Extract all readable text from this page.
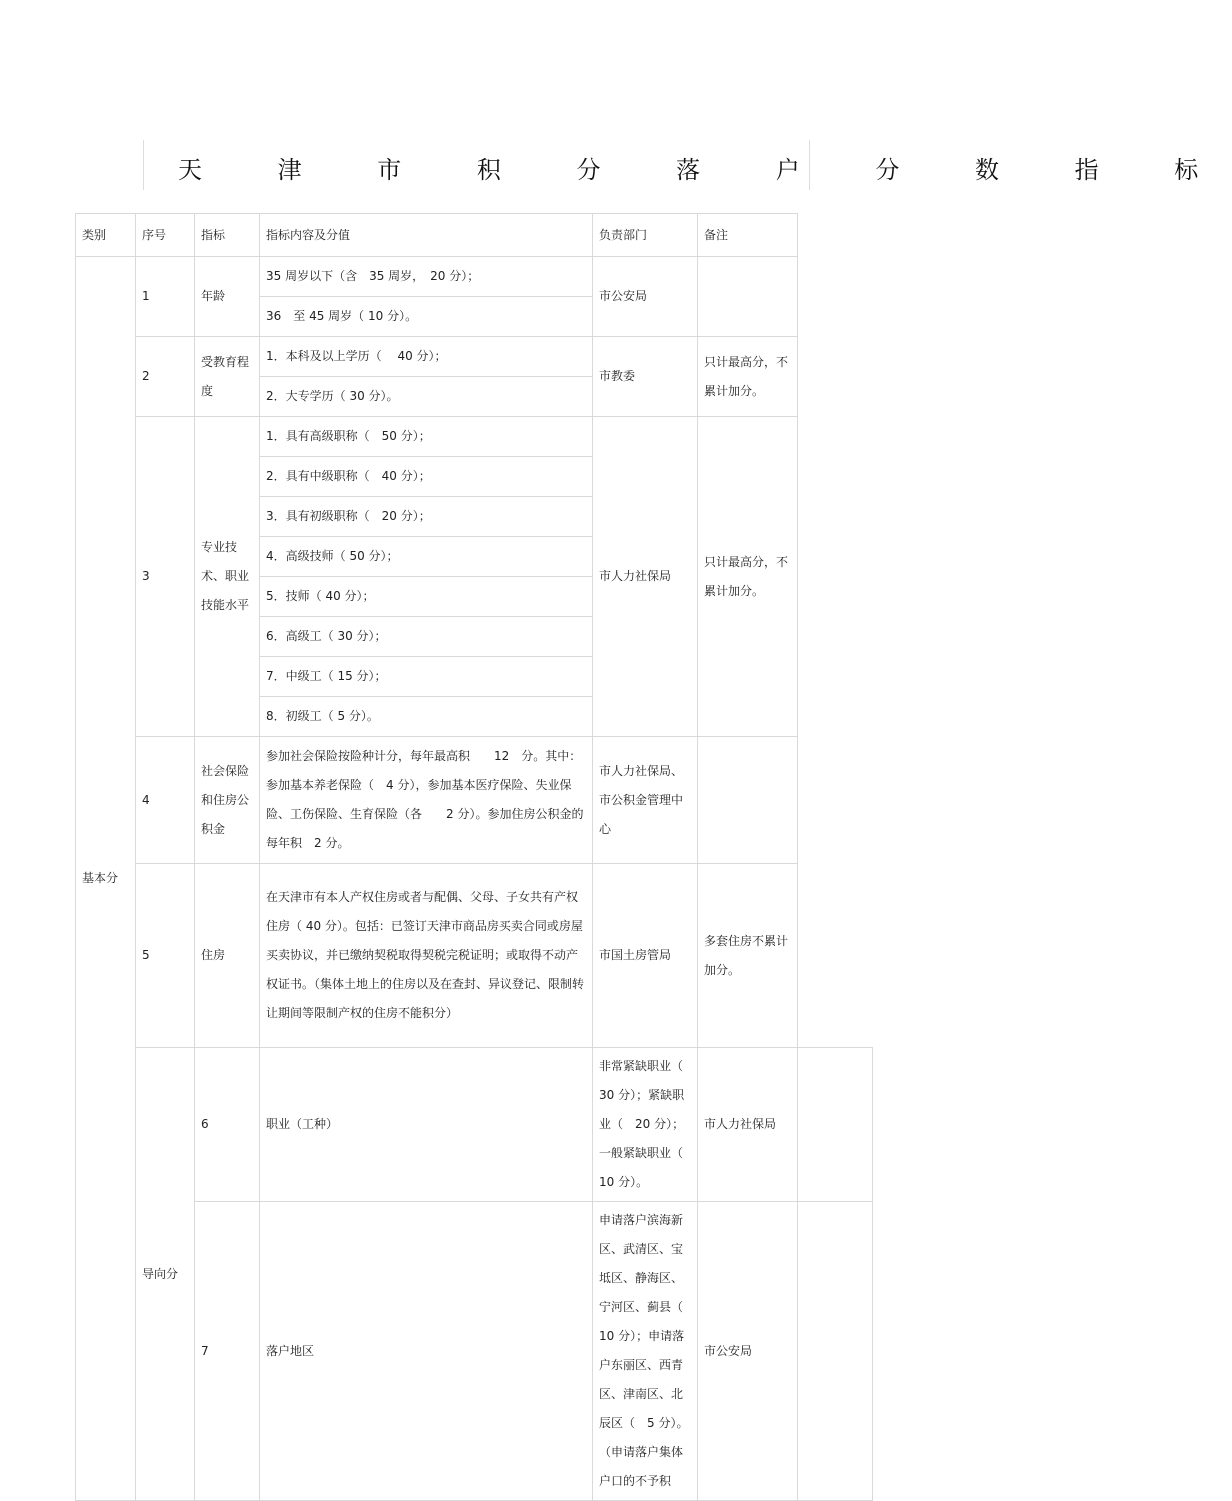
天 津 市 积 分 落 户 分 数 指 标
类别	序号	指标	指标内容及分值	负责部门	备注	
基本分	1	年龄	35 周岁以下（含　35 周岁，　20 分）；	市公安局		
			36　至 45 周岁（ 10 分）。			
	2	受教育程度	1．本科及以上学历（　 40 分）；	市教委	只计最高分，不累计加分。	
			2．大专学历（ 30 分）。			
	3	专业技术、职业技能水平	1．具有高级职称（　50 分）；	市人力社保局	只计最高分，不累计加分。	
			2．具有中级职称（　40 分）；			
			3．具有初级职称（　20 分）；			
			4．高级技师（ 50 分）；			
			5．技师（ 40 分）；			
			6．高级工（ 30 分）；			
			7．中级工（ 15 分）；			
			8．初级工（ 5 分）。			
	4	社会保险和住房公积金	参加社会保险按险种计分，每年最高积　　12　分。其中：参加基本养老保险（　4 分），参加基本医疗保险、失业保险、工伤保险、生育保险（各　　2 分）。参加住房公积金的每年积　2 分。	市人力社保局、市公积金管理中心		
	5	住房	在天津市有本人产权住房或者与配偶、父母、子女共有产权住房（ 40 分）。包括：已签订天津市商品房买卖合同或房屋买卖协议，并已缴纳契税取得契税完税证明；或取得不动产权证书。（集体土地上的住房以及在查封、异议登记、限制转让期间等限制产权的住房不能积分）	市国土房管局	多套住房不累计加分。	
	导向分	6	职业（工种）	非常紧缺职业（　30 分）；紧缺职业（　20 分）；一般紧缺职业（ 10 分）。	市人力社保局	
		7	落户地区	申请落户滨海新区、武清区、宝坻区、静海区、宁河区、蓟县（ 10 分）；申请落户东丽区、西青区、津南区、北辰区（　5 分）。（申请落户集体户口的不予积	市公安局	
